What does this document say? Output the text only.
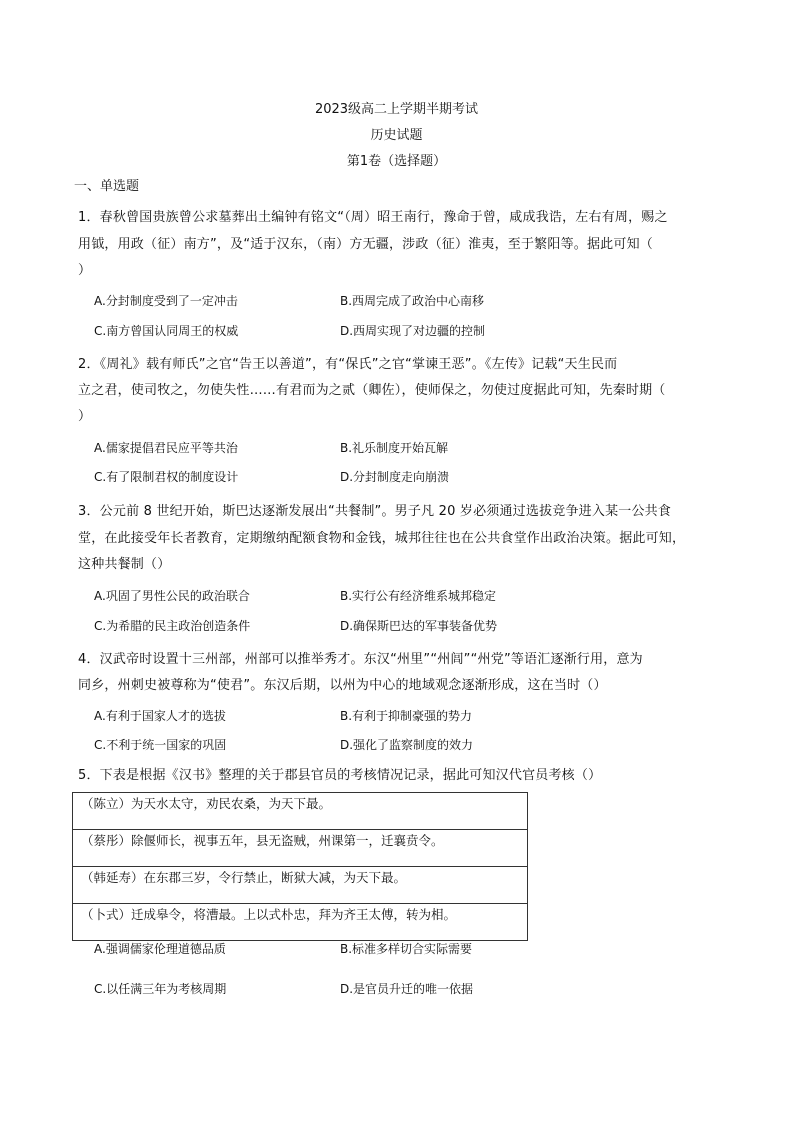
2023级高二上学期半期考试
历史试题
第1卷（选择题）
一、单选题
1．春秋曾国贵族曾公求墓葬出土编钟有铭文“（周）昭王南行，豫命于曾，咸成我诰，左右有周，赐之
用钺，用政（征）南方”，及“适于汉东，（南）方无疆，涉政（征）淮夷，至于繁阳等。据此可知（
）
A.分封制度受到了一定冲击	B.西周完成了政治中心南移
C.南方曾国认同周王的权威	D.西周实现了对边疆的控制
2．《周礼》载有师氏”之官“告王以善道”，有“保氏”之官“掌谏王恶”。《左传》记载“天生民而
立之君，使司牧之，勿使失性……有君而为之贰（卿佐），使师保之，勿使过度据此可知，先秦时期（
）
A.儒家提倡君民应平等共治	B.礼乐制度开始瓦解
C.有了限制君权的制度设计	D.分封制度走向崩溃
3．公元前 8 世纪开始，斯巴达逐渐发展出“共餐制”。男子凡 20 岁必须通过选拔竞争进入某一公共食
堂，在此接受年长者教育，定期缴纳配额食物和金钱，城邦往往也在公共食堂作出政治决策。据此可知，
这种共餐制（）
A.巩固了男性公民的政治联合	B.实行公有经济维系城邦稳定
C.为希腊的民主政治创造条件	D.确保斯巴达的军事装备优势
4．汉武帝时设置十三州部，州部可以推举秀才。东汉“州里”“州闾”“州党”等语汇逐渐行用，意为
同乡，州刺史被尊称为“使君”。东汉后期，以州为中心的地域观念逐渐形成，这在当时（）
A.有利于国家人才的选拔	B.有利于抑制豪强的势力
C.不利于统一国家的巩固	D.强化了监察制度的效力
5．下表是根据《汉书》整理的关于郡县官员的考核情况记录，据此可知汉代官员考核（）
（陈立）为天水太守，劝民农桑，为天下最。
（蔡彤）除偃师长，视事五年，县无盗贼，州课第一，迁襄贲令。
（韩延寿）在东郡三岁，令行禁止，断狱大减，为天下最。
（卜式）迁成皋令，将漕最。上以式朴忠，拜为齐王太傅，转为相。
A.强调儒家伦理道德品质	B.标准多样切合实际需要
C.以任满三年为考核周期	D.是官员升迁的唯一依据
